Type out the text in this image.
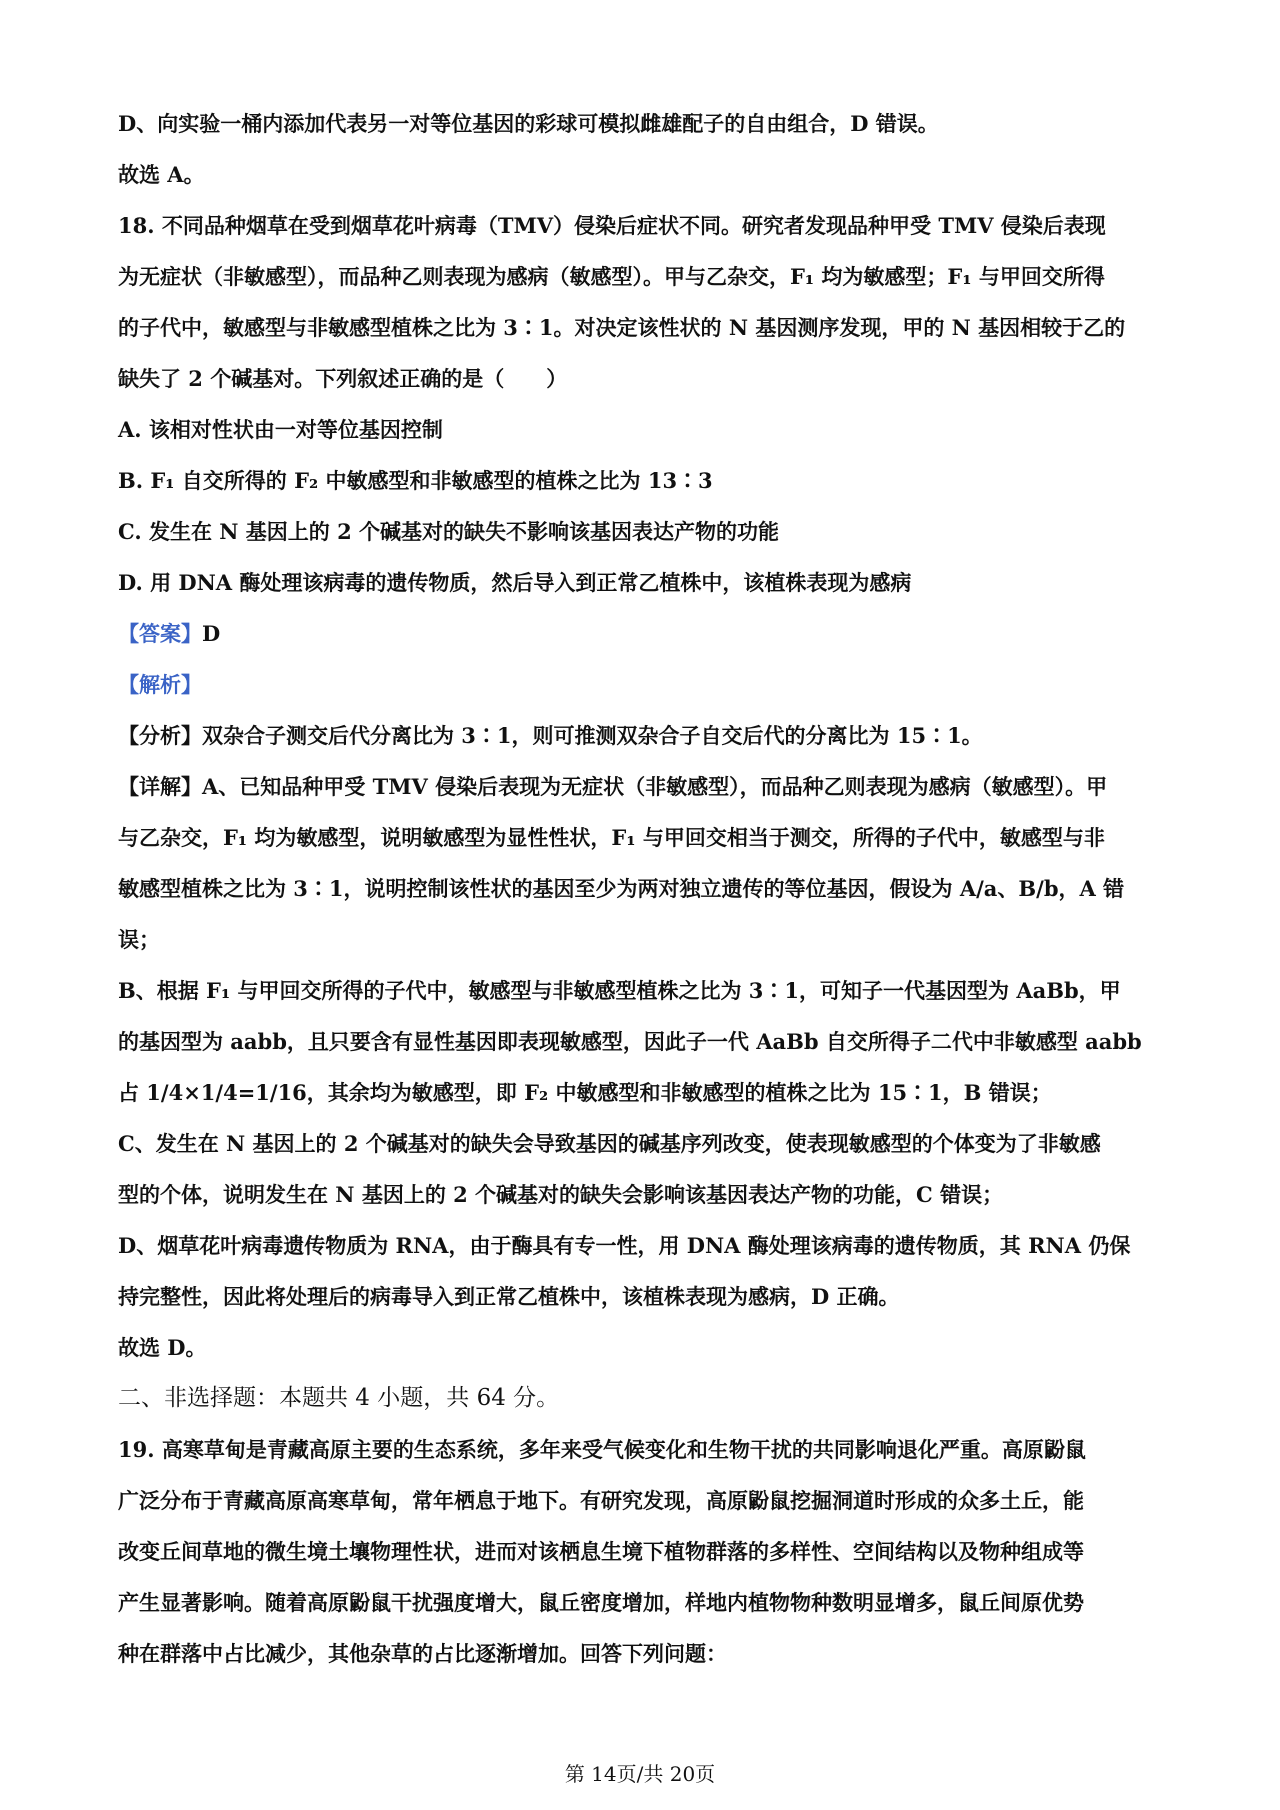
D、向实验一桶内添加代表另一对等位基因的彩球可模拟雌雄配子的自由组合，D 错误。

故选 A。

18. 不同品种烟草在受到烟草花叶病毒（TMV）侵染后症状不同。研究者发现品种甲受 TMV 侵染后表现

为无症状（非敏感型），而品种乙则表现为感病（敏感型）。甲与乙杂交，F₁ 均为敏感型；F₁ 与甲回交所得

的子代中，敏感型与非敏感型植株之比为 3∶1。对决定该性状的 N 基因测序发现，甲的 N 基因相较于乙的

缺失了 2 个碱基对。下列叙述正确的是（　　）

A. 该相对性状由一对等位基因控制

B. F₁ 自交所得的 F₂ 中敏感型和非敏感型的植株之比为 13∶3

C. 发生在 N 基因上的 2 个碱基对的缺失不影响该基因表达产物的功能

D. 用 DNA 酶处理该病毒的遗传物质，然后导入到正常乙植株中，该植株表现为感病

【答案】D

【解析】

【分析】双杂合子测交后代分离比为 3∶1，则可推测双杂合子自交后代的分离比为 15∶1。

【详解】A、已知品种甲受 TMV 侵染后表现为无症状（非敏感型），而品种乙则表现为感病（敏感型）。甲

与乙杂交，F₁ 均为敏感型，说明敏感型为显性性状，F₁ 与甲回交相当于测交，所得的子代中，敏感型与非

敏感型植株之比为 3∶1，说明控制该性状的基因至少为两对独立遗传的等位基因，假设为 A/a、B/b，A 错

误；

B、根据 F₁ 与甲回交所得的子代中，敏感型与非敏感型植株之比为 3∶1，可知子一代基因型为 AaBb，甲

的基因型为 aabb，且只要含有显性基因即表现敏感型，因此子一代 AaBb 自交所得子二代中非敏感型 aabb

占 1/4×1/4=1/16，其余均为敏感型，即 F₂ 中敏感型和非敏感型的植株之比为 15∶1，B 错误；

C、发生在 N 基因上的 2 个碱基对的缺失会导致基因的碱基序列改变，使表现敏感型的个体变为了非敏感

型的个体，说明发生在 N 基因上的 2 个碱基对的缺失会影响该基因表达产物的功能，C 错误；

D、烟草花叶病毒遗传物质为 RNA，由于酶具有专一性，用 DNA 酶处理该病毒的遗传物质，其 RNA 仍保

持完整性，因此将处理后的病毒导入到正常乙植株中，该植株表现为感病，D 正确。

故选 D。

二、非选择题：本题共 4 小题，共 64 分。

19. 高寒草甸是青藏高原主要的生态系统，多年来受气候变化和生物干扰的共同影响退化严重。高原鼢鼠

广泛分布于青藏高原高寒草甸，常年栖息于地下。有研究发现，高原鼢鼠挖掘洞道时形成的众多土丘，能

改变丘间草地的微生境土壤物理性状，进而对该栖息生境下植物群落的多样性、空间结构以及物种组成等

产生显著影响。随着高原鼢鼠干扰强度增大，鼠丘密度增加，样地内植物物种数明显增多，鼠丘间原优势

种在群落中占比减少，其他杂草的占比逐渐增加。回答下列问题：

第 14页/共 20页
